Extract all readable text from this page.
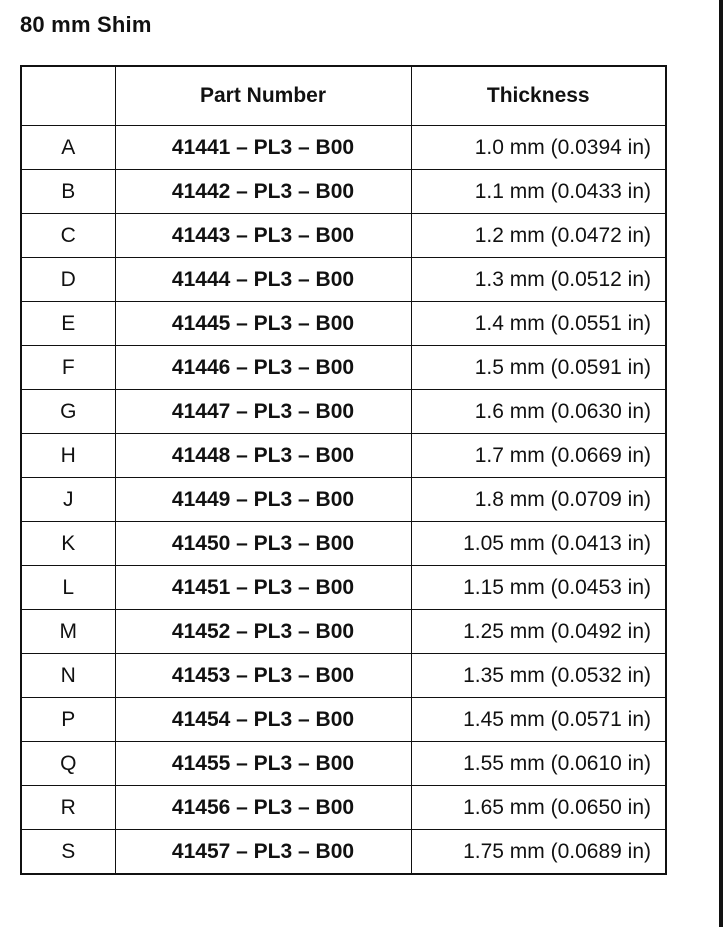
80 mm Shim
	Part Number	Thickness
A	41441 – PL3 – B00	1.0 mm (0.0394 in)
B	41442 – PL3 – B00	1.1 mm (0.0433 in)
C	41443 – PL3 – B00	1.2 mm (0.0472 in)
D	41444 – PL3 – B00	1.3 mm (0.0512 in)
E	41445 – PL3 – B00	1.4 mm (0.0551 in)
F	41446 – PL3 – B00	1.5 mm (0.0591 in)
G	41447 – PL3 – B00	1.6 mm (0.0630 in)
H	41448 – PL3 – B00	1.7 mm (0.0669 in)
J	41449 – PL3 – B00	1.8 mm (0.0709 in)
K	41450 – PL3 – B00	1.05 mm (0.0413 in)
L	41451 – PL3 – B00	1.15 mm (0.0453 in)
M	41452 – PL3 – B00	1.25 mm (0.0492 in)
N	41453 – PL3 – B00	1.35 mm (0.0532 in)
P	41454 – PL3 – B00	1.45 mm (0.0571 in)
Q	41455 – PL3 – B00	1.55 mm (0.0610 in)
R	41456 – PL3 – B00	1.65 mm (0.0650 in)
S	41457 – PL3 – B00	1.75 mm (0.0689 in)
